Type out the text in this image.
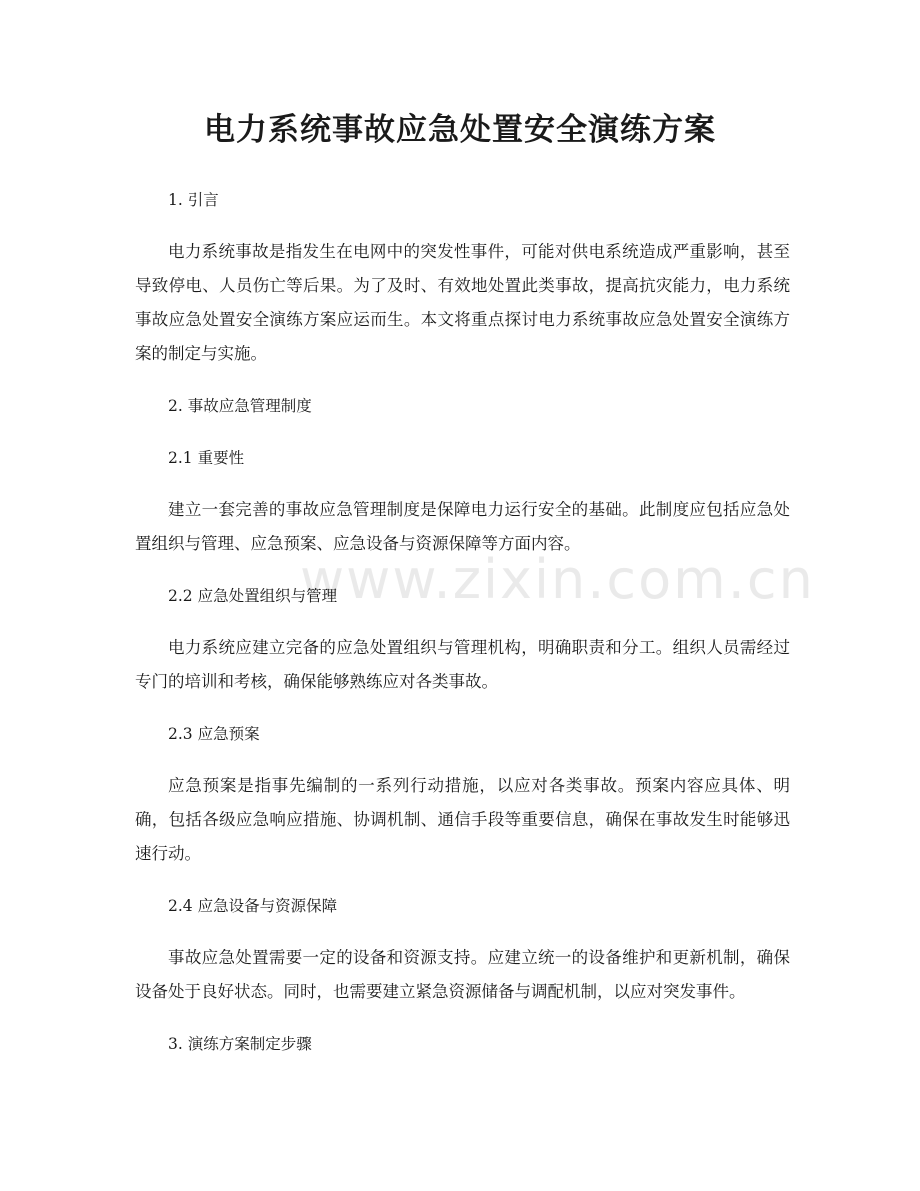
电力系统事故应急处置安全演练方案
www.zixin.com.cn

1. 引言

电力系统事故是指发生在电网中的突发性事件，可能对供电系统造成严重影响，甚至导致停电、人员伤亡等后果。为了及时、有效地处置此类事故，提高抗灾能力，电力系统事故应急处置安全演练方案应运而生。本文将重点探讨电力系统事故应急处置安全演练方案的制定与实施。

2. 事故应急管理制度

2.1 重要性

建立一套完善的事故应急管理制度是保障电力运行安全的基础。此制度应包括应急处置组织与管理、应急预案、应急设备与资源保障等方面内容。

2.2 应急处置组织与管理

电力系统应建立完备的应急处置组织与管理机构，明确职责和分工。组织人员需经过专门的培训和考核，确保能够熟练应对各类事故。

2.3 应急预案

应急预案是指事先编制的一系列行动措施，以应对各类事故。预案内容应具体、明确，包括各级应急响应措施、协调机制、通信手段等重要信息，确保在事故发生时能够迅速行动。

2.4 应急设备与资源保障

事故应急处置需要一定的设备和资源支持。应建立统一的设备维护和更新机制，确保设备处于良好状态。同时，也需要建立紧急资源储备与调配机制，以应对突发事件。

3. 演练方案制定步骤
